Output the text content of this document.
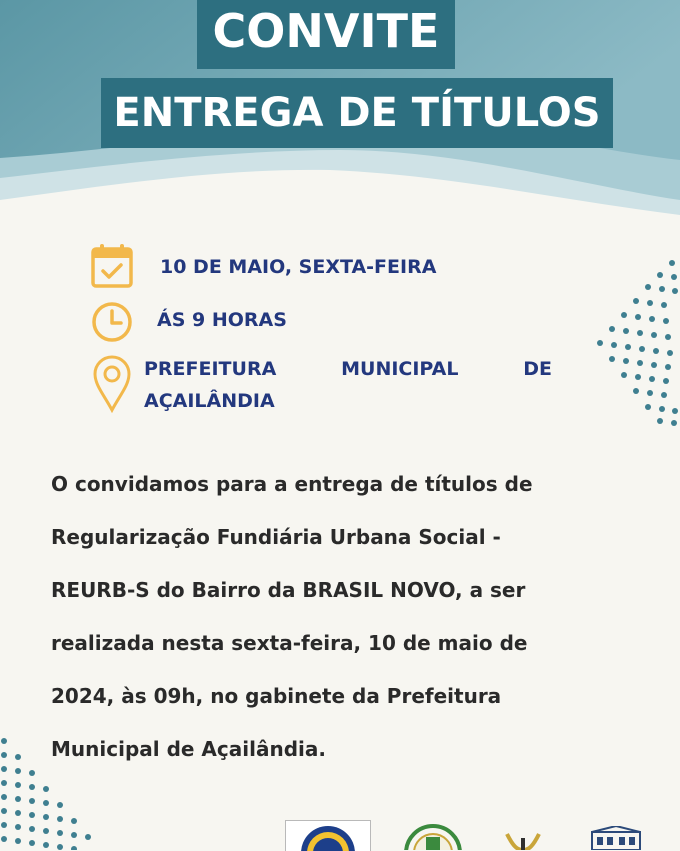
CONVITE
ENTREGA DE TÍTULOS
10 DE MAIO, SEXTA-FEIRA
ÁS 9 HORAS
PREFEITURA	MUNICIPAL	DE
AÇAILÂNDIA
O convidamos para a entrega de títulos de
Regularização Fundiária Urbana Social -
REURB-S do Bairro da BRASIL NOVO, a ser
realizada nesta sexta-feira, 10 de maio de
2024, às 09h, no gabinete da Prefeitura
Municipal de Açailândia.
